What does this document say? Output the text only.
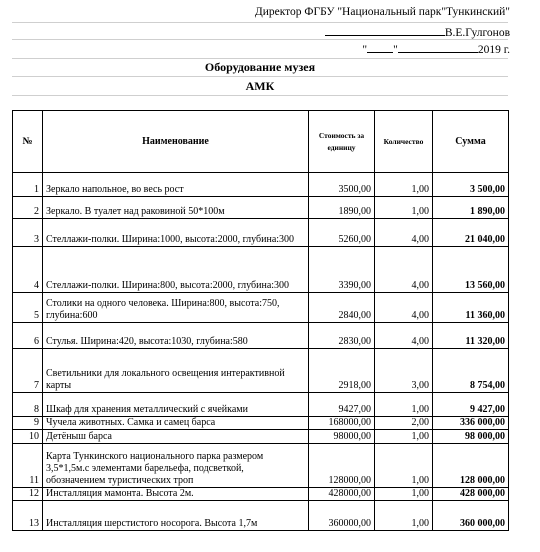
Директор ФГБУ "Национальный парк"Тункинский"
В.Е.Гулгонов
" "	2019 г.
Оборудование музея
АМК
№	Наименование	Стоимость за единицу	Количество	Сумма
1	Зеркало напольное, во весь рост	3500,00	1,00	3 500,00
2	Зеркало. В туалет над раковиной 50*100м	1890,00	1,00	1 890,00
3	Стеллажи-полки. Ширина:1000, высота:2000, глубина:300	5260,00	4,00	21 040,00
4	Стеллажи-полки. Ширина:800, высота:2000, глубина:300	3390,00	4,00	13 560,00
5	Столики на одного человека. Ширина:800, высота:750, глубина:600	2840,00	4,00	11 360,00
6	Стулья. Ширина:420, высота:1030, глубина:580	2830,00	4,00	11 320,00
7	Светильники для локального освещения интерактивной карты	2918,00	3,00	8 754,00
8	Шкаф для хранения металлический с ячейками	9427,00	1,00	9 427,00
9	Чучела животных. Самка и самец барса	168000,00	2,00	336 000,00
10	Детёныш барса	98000,00	1,00	98 000,00
11	Карта Тункинского национального парка размером 3,5*1,5м.с элементами барельефа, подсветкой, обозначением туристических троп	128000,00	1,00	128 000,00
12	Инсталляция мамонта. Высота 2м.	428000,00	1,00	428 000,00
13	Инсталляция шерстистого носорога. Высота 1,7м	360000,00	1,00	360 000,00
